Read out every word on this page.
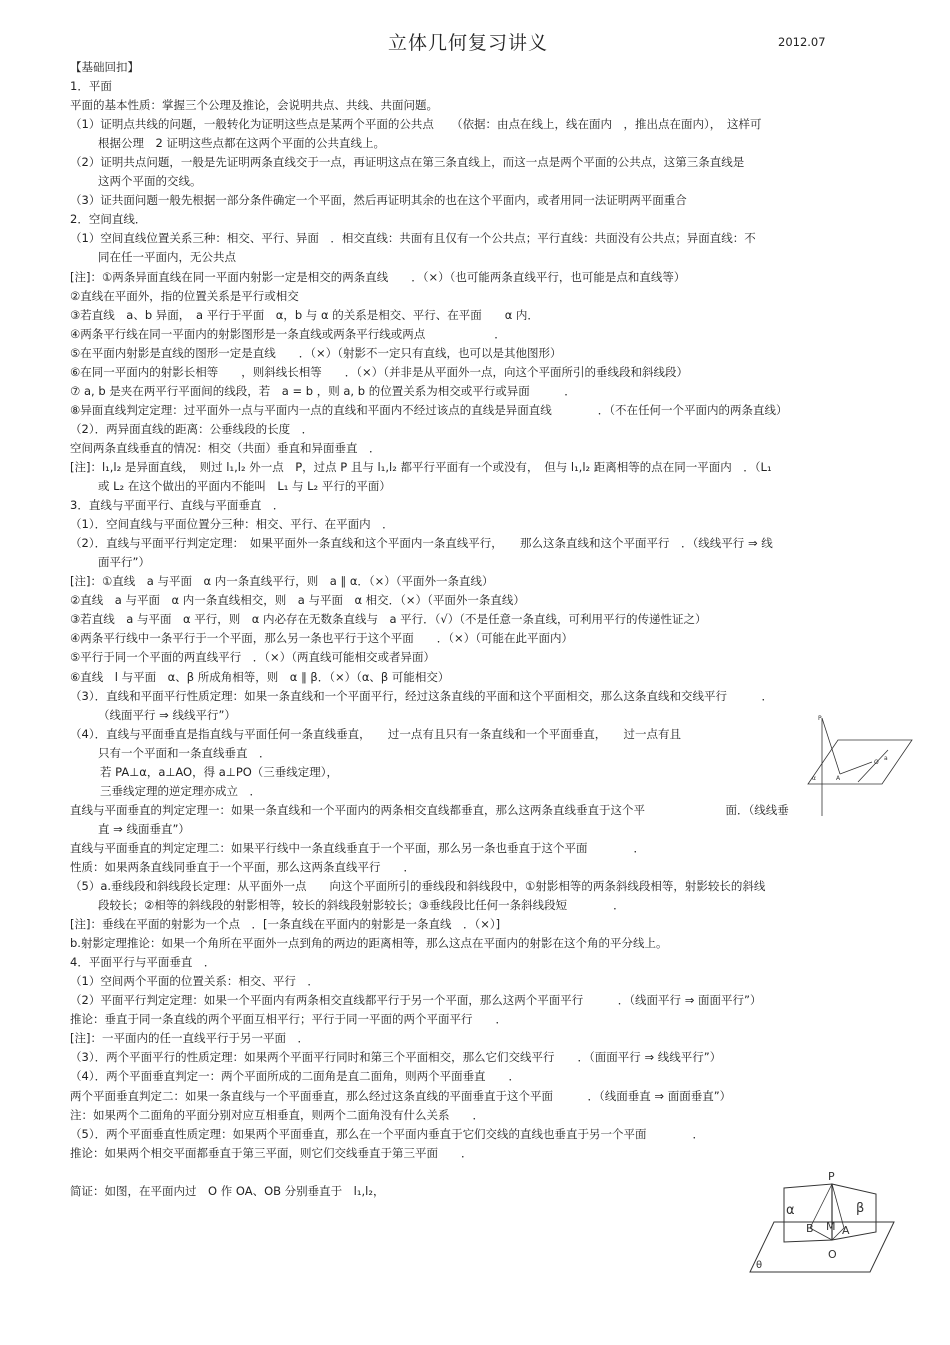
立体几何复习讲义	2012.07
【基础回扣】
1．平面
平面的基本性质：掌握三个公理及推论，会说明共点、共线、共面问题。
（1）证明点共线的问题，一般转化为证明这些点是某两个平面的公共点　　（依据：由点在线上，线在面内　，推出点在面内），　这样可
根据公理　2 证明这些点都在这两个平面的公共直线上。
（2）证明共点问题，一般是先证明两条直线交于一点，再证明这点在第三条直线上，而这一点是两个平面的公共点，这第三条直线是
这两个平面的交线。
（3）证共面问题一般先根据一部分条件确定一个平面，然后再证明其余的也在这个平面内，或者用同一法证明两平面重合
2．空间直线．
（1）空间直线位置关系三种：相交、平行、异面　．相交直线：共面有且仅有一个公共点；平行直线：共面没有公共点；异面直线：不
同在任一平面内，无公共点
[注]：①两条异面直线在同一平面内射影一定是相交的两条直线　　．（×）（也可能两条直线平行，也可能是点和直线等）
②直线在平面外，指的位置关系是平行或相交
③若直线　a、b 异面，　a 平行于平面　α，b 与 α 的关系是相交、平行、在平面　　α 内．
④两条平行线在同一平面内的射影图形是一条直线或两条平行线或两点　　　　　　．
⑤在平面内射影是直线的图形一定是直线　　．（×）（射影不一定只有直线，也可以是其他图形）
⑥在同一平面内的射影长相等　　，则斜线长相等　　．（×）（并非是从平面外一点，向这个平面所引的垂线段和斜线段）
⑦ a, b 是夹在两平行平面间的线段，若　a = b ，则 a, b 的位置关系为相交或平行或异面　　　．
⑧异面直线判定定理：过平面外一点与平面内一点的直线和平面内不经过该点的直线是异面直线　　　　．（不在任何一个平面内的两条直线）
（2）．两异面直线的距离：公垂线段的长度　．
空间两条直线垂直的情况：相交（共面）垂直和异面垂直　．
[注]：l₁,l₂ 是异面直线，　则过 l₁,l₂ 外一点　P，过点 P 且与 l₁,l₂ 都平行平面有一个或没有，　但与 l₁,l₂ 距离相等的点在同一平面内　．（L₁
或 L₂ 在这个做出的平面内不能叫　L₁ 与 L₂ 平行的平面）
3．直线与平面平行、直线与平面垂直　．
（1）．空间直线与平面位置分三种：相交、平行、在平面内　．
（2）．直线与平面平行判定定理：　如果平面外一条直线和这个平面内一条直线平行，　　那么这条直线和这个平面平行　．（线线平行 ⇒ 线
面平行”）
[注]：①直线　a 与平面　α 内一条直线平行，则　a ∥ α．（×）（平面外一条直线）
②直线　a 与平面　α 内一条直线相交，则　a 与平面　α 相交．（×）（平面外一条直线）
③若直线　a 与平面　α 平行，则　α 内必存在无数条直线与　a 平行．（√）（不是任意一条直线，可利用平行的传递性证之）
④两条平行线中一条平行于一个平面，那么另一条也平行于这个平面　　．（×）（可能在此平面内）
⑤平行于同一个平面的两直线平行　．（×）（两直线可能相交或者异面）
⑥直线　l 与平面　α、β 所成角相等，则　α ∥ β．（×）（α、β 可能相交）
（3）．直线和平面平行性质定理：如果一条直线和一个平面平行，经过这条直线的平面和这个平面相交，那么这条直线和交线平行　　　．
（线面平行 ⇒ 线线平行”）
（4）．直线与平面垂直是指直线与平面任何一条直线垂直，　　过一点有且只有一条直线和一个平面垂直，　　过一点有且
只有一个平面和一条直线垂直　．
若 PA⊥α，a⊥AO，得 a⊥PO（三垂线定理），
三垂线定理的逆定理亦成立　．
直线与平面垂直的判定定理一：如果一条直线和一个平面内的两条相交直线都垂直，那么这两条直线垂直于这个平　　　　　　　面．（线线垂
直 ⇒ 线面垂直”）
直线与平面垂直的判定定理二：如果平行线中一条直线垂直于一个平面，那么另一条也垂直于这个平面　　　　．
性质：如果两条直线同垂直于一个平面，那么这两条直线平行　　．
（5）a.垂线段和斜线段长定理：从平面外一点　　向这个平面所引的垂线段和斜线段中，①射影相等的两条斜线段相等，射影较长的斜线
段较长；②相等的斜线段的射影相等，较长的斜线段射影较长；③垂线段比任何一条斜线段短　　　　．
[注]：垂线在平面的射影为一个点　．[一条直线在平面内的射影是一条直线　．（×）]
b.射影定理推论：如果一个角所在平面外一点到角的两边的距离相等，那么这点在平面内的射影在这个角的平分线上。
4．平面平行与平面垂直　．
（1）空间两个平面的位置关系：相交、平行　．
（2）平面平行判定定理：如果一个平面内有两条相交直线都平行于另一个平面，那么这两个平面平行　　　．（线面平行 ⇒ 面面平行”）
推论：垂直于同一条直线的两个平面互相平行；平行于同一平面的两个平面平行　　．
[注]：一平面内的任一直线平行于另一平面　．
（3）．两个平面平行的性质定理：如果两个平面平行同时和第三个平面相交，那么它们交线平行　　．（面面平行 ⇒ 线线平行”）
（4）．两个平面垂直判定一：两个平面所成的二面角是直二面角，则两个平面垂直　　．
两个平面垂直判定二：如果一条直线与一个平面垂直，那么经过这条直线的平面垂直于这个平面　　　．（线面垂直 ⇒ 面面垂直”）
注：如果两个二面角的平面分别对应互相垂直，则两个二面角没有什么关系　　．
（5）．两个平面垂直性质定理：如果两个平面垂直，那么在一个平面内垂直于它们交线的直线也垂直于另一个平面　　　　．
推论：如果两个相交平面都垂直于第三平面，则它们交线垂直于第三平面　　．
简证：如图，在平面内过　O 作 OA、OB 分别垂直于　l₁,l₂，
P
O
a
A
α
P
α	β
B M A
O
θ
